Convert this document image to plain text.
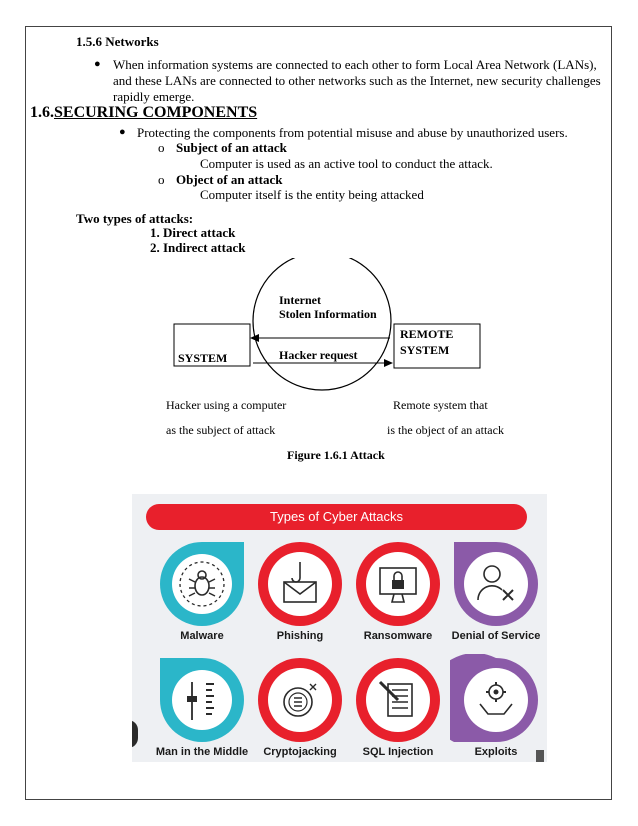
1.5.6 Networks
● When information systems are connected to each other to form Local Area Network (LANs),
and these LANs are connected to other networks such as the Internet, new security challenges
rapidly emerge.
1.6.SECURING COMPONENTS
● Protecting the components from potential misuse and abuse by unauthorized users.
o Subject of an attack
Computer is used as an active tool to conduct the attack.
o Object of an attack
Computer itself is the entity being attacked
Two types of attacks:
1. Direct attack
2. Indirect attack
SYSTEM
REMOTE
SYSTEM
Internet
Stolen Information
Hacker request
Hacker using a computer
as the subject of attack
Remote system that
is the object of an attack
Figure 1.6.1 Attack
Types of Cyber Attacks
Malware	Phishing	Ransomware	Denial of Service
Man in the Middle	Cryptojacking	SQL Injection	Exploits
